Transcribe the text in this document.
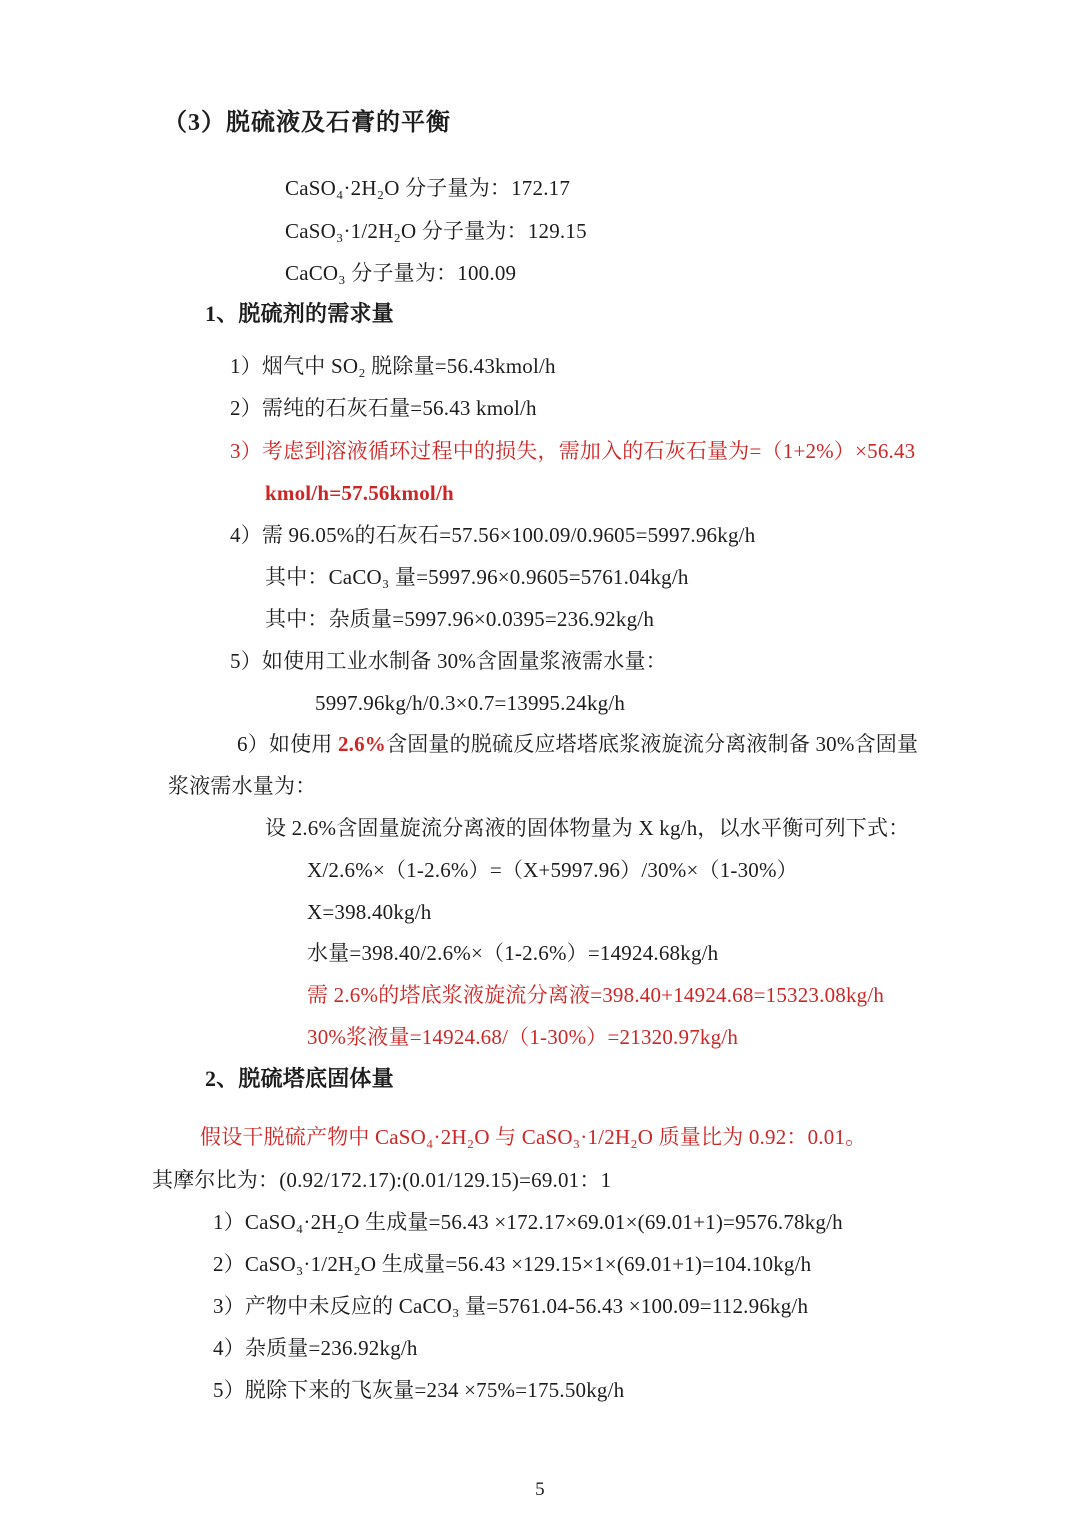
（3）脱硫液及石膏的平衡

CaSO₄·2H₂O 分子量为：172.17

CaSO₃·1/2H₂O 分子量为：129.15

CaCO₃ 分子量为：100.09

1、脱硫剂的需求量

1）烟气中 SO₂ 脱除量=56.43kmol/h

2）需纯的石灰石量=56.43 kmol/h

3）考虑到溶液循环过程中的损失，需加入的石灰石量为=（1+2%）×56.43

kmol/h=57.56kmol/h

4）需 96.05%的石灰石=57.56×100.09/0.9605=5997.96kg/h

其中：CaCO₃ 量=5997.96×0.9605=5761.04kg/h

其中：杂质量=5997.96×0.0395=236.92kg/h

5）如使用工业水制备 30%含固量浆液需水量：

5997.96kg/h/0.3×0.7=13995.24kg/h

6）如使用 2.6%含固量的脱硫反应塔塔底浆液旋流分离液制备 30%含固量

浆液需水量为：

设 2.6%含固量旋流分离液的固体物量为 X kg/h，以水平衡可列下式：

X/2.6%×（1-2.6%）=（X+5997.96）/30%×（1-30%）

X=398.40kg/h

水量=398.40/2.6%×（1-2.6%）=14924.68kg/h

需 2.6%的塔底浆液旋流分离液=398.40+14924.68=15323.08kg/h

30%浆液量=14924.68/（1-30%）=21320.97kg/h

2、脱硫塔底固体量

假设干脱硫产物中 CaSO₄·2H₂O 与 CaSO₃·1/2H₂O 质量比为 0.92：0.01。

其摩尔比为：(0.92/172.17):(0.01/129.15)=69.01：1

1）CaSO₄·2H₂O 生成量=56.43 ×172.17×69.01×(69.01+1)=9576.78kg/h

2）CaSO₃·1/2H₂O 生成量=56.43 ×129.15×1×(69.01+1)=104.10kg/h

3）产物中未反应的 CaCO₃ 量=5761.04-56.43 ×100.09=112.96kg/h

4）杂质量=236.92kg/h

5）脱除下来的飞灰量=234 ×75%=175.50kg/h

5
